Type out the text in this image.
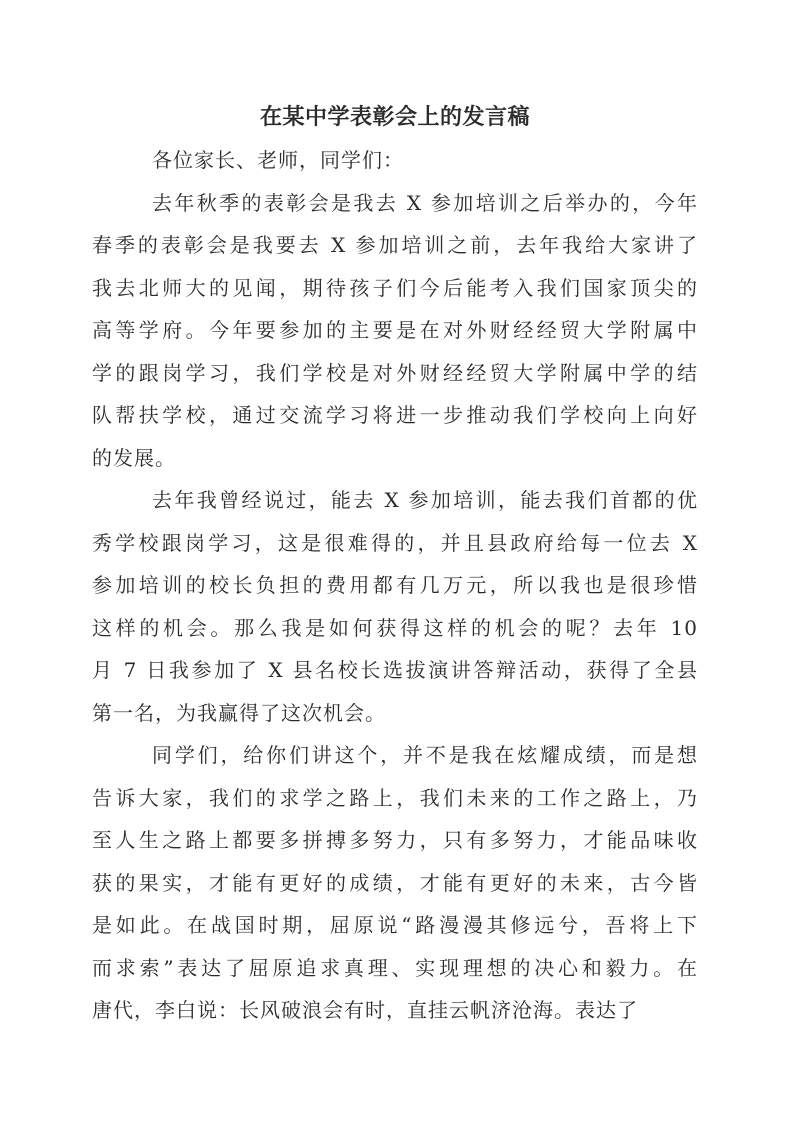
在某中学表彰会上的发言稿
各位家长、老师，同学们：
去年秋季的表彰会是我去 X 参加培训之后举办的，今年
春季的表彰会是我要去 X 参加培训之前，去年我给大家讲了
我去北师大的见闻，期待孩子们今后能考入我们国家顶尖的
高等学府。今年要参加的主要是在对外财经经贸大学附属中
学的跟岗学习，我们学校是对外财经经贸大学附属中学的结
队帮扶学校，通过交流学习将进一步推动我们学校向上向好
的发展。
去年我曾经说过，能去 X 参加培训，能去我们首都的优
秀学校跟岗学习，这是很难得的，并且县政府给每一位去 X
参加培训的校长负担的费用都有几万元，所以我也是很珍惜
这样的机会。那么我是如何获得这样的机会的呢？去年 10
月 7 日我参加了 X 县名校长选拔演讲答辩活动，获得了全县
第一名，为我赢得了这次机会。
同学们，给你们讲这个，并不是我在炫耀成绩，而是想
告诉大家，我们的求学之路上，我们未来的工作之路上，乃
至人生之路上都要多拼搏多努力，只有多努力，才能品味收
获的果实，才能有更好的成绩，才能有更好的未来，古今皆
是如此。在战国时期，屈原说“路漫漫其修远兮，吾将上下
而求索”表达了屈原追求真理、实现理想的决心和毅力。在
唐代，李白说：长风破浪会有时，直挂云帆济沧海。表达了
